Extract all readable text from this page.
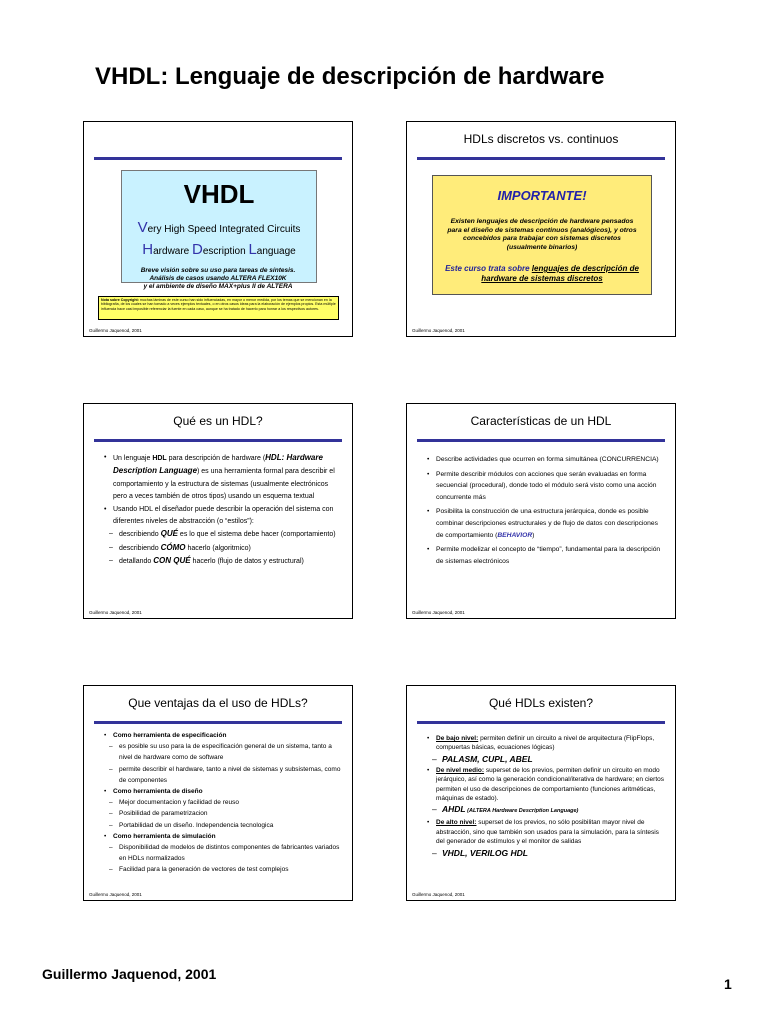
VHDL: Lenguaje de descripción de hardware
VHDL
Very High Speed Integrated Circuits
Hardware Description Language
Breve visión sobre su uso para tareas de síntesis.
Análisis de casos usando ALTERA FLEX10K
y el ambiente de diseño MAX+plus II de ALTERA
Nota sobre Copyright: muchas láminas de este curso han sido influenciadas, en mayor o menor medida, por los temas que se mencionan en la bibliografía, de los cuales se han tomado a veces ejemplos textuales, o en otros casos ideas para la elaboración de ejemplos propios. Esta múltiple influencia hace casi imposible referenciar la fuente en cada caso, aunque se ha tratado de hacerlo para honrar a los respectivos autores.
Guillermo Jaquenod, 2001
HDLs discretos vs. continuos
IMPORTANTE!
Existen lenguajes de descripción de hardware pensados para el diseño de sistemas continuos (analógicos), y otros concebidos para trabajar con sistemas discretos (usualmente binarios)
Este curso trata sobre lenguajes de descripción de hardware de sistemas discretos
Guillermo Jaquenod, 2001
Qué es un HDL?
• Un lenguaje HDL para descripción de hardware (HDL: Hardware Description Language) es una herramienta formal para describir el comportamiento y la estructura de sistemas (usualmente electrónicos pero a veces también de otros tipos) usando un esquema textual
• Usando HDL el diseñador puede describir la operación del sistema con diferentes niveles de abstracción (o “estilos”):
– describiendo QUÉ es lo que el sistema debe hacer (comportamiento)
– describiendo CÓMO hacerlo (algoritmico)
– detallando CON QUÉ hacerlo (flujo de datos y estructural)
Guillermo Jaquenod, 2001
Características de un HDL
• Describe actividades que ocurren en forma simultánea (CONCURRENCIA)
• Permite describir módulos con acciones que serán evaluadas en forma secuencial (procedural), donde todo el módulo será visto como una acción concurrente más
• Posibilita la construcción de una estructura jerárquica, donde es posible combinar descripciones estructurales y de flujo de datos con descripciones de comportamiento (BEHAVIOR)
• Permite modelizar el concepto de “tiempo”, fundamental para la descripción de sistemas electrónicos
Guillermo Jaquenod, 2001
Que ventajas da el uso de HDLs?
• Como herramienta de especificación
– es posible su uso para la de especificación general de un sistema, tanto a nivel de hardware como de software
– permite describir el hardware, tanto a nivel de sistemas y subsistemas, como de componentes
• Como herramienta de diseño
– Mejor documentacion y facilidad de reuso
– Posibilidad de parametrizacion
– Portabilidad de un diseño. Independencia tecnologica
• Como herramienta de simulación
– Disponibilidad de modelos de distintos componentes de fabricantes variados en HDLs normalizados
– Facilidad para la generación de vectores de test complejos
Guillermo Jaquenod, 2001
Qué HDLs existen?
• De bajo nivel: permiten definir un circuito a nivel de arquitectura (FlipFlops, compuertas básicas, ecuaciones lógicas)
– PALASM, CUPL, ABEL
• De nivel medio: superset de los previos, permiten definir un circuito en modo jerárquico, así como la generación condicional/iterativa de hardware; en ciertos permiten el uso de descripciones de comportamiento (funciones aritméticas, máquinas de estado).
– AHDL (ALTERA Hardware Description Language)
• De alto nivel: superset de los previos, no sólo posibilitan mayor nivel de abstracción, sino que también son usados para la simulación, para la síntesis del generador de estímulos y el monitor de salidas
– VHDL, VERILOG HDL
Guillermo Jaquenod, 2001
Guillermo Jaquenod, 2001
1
